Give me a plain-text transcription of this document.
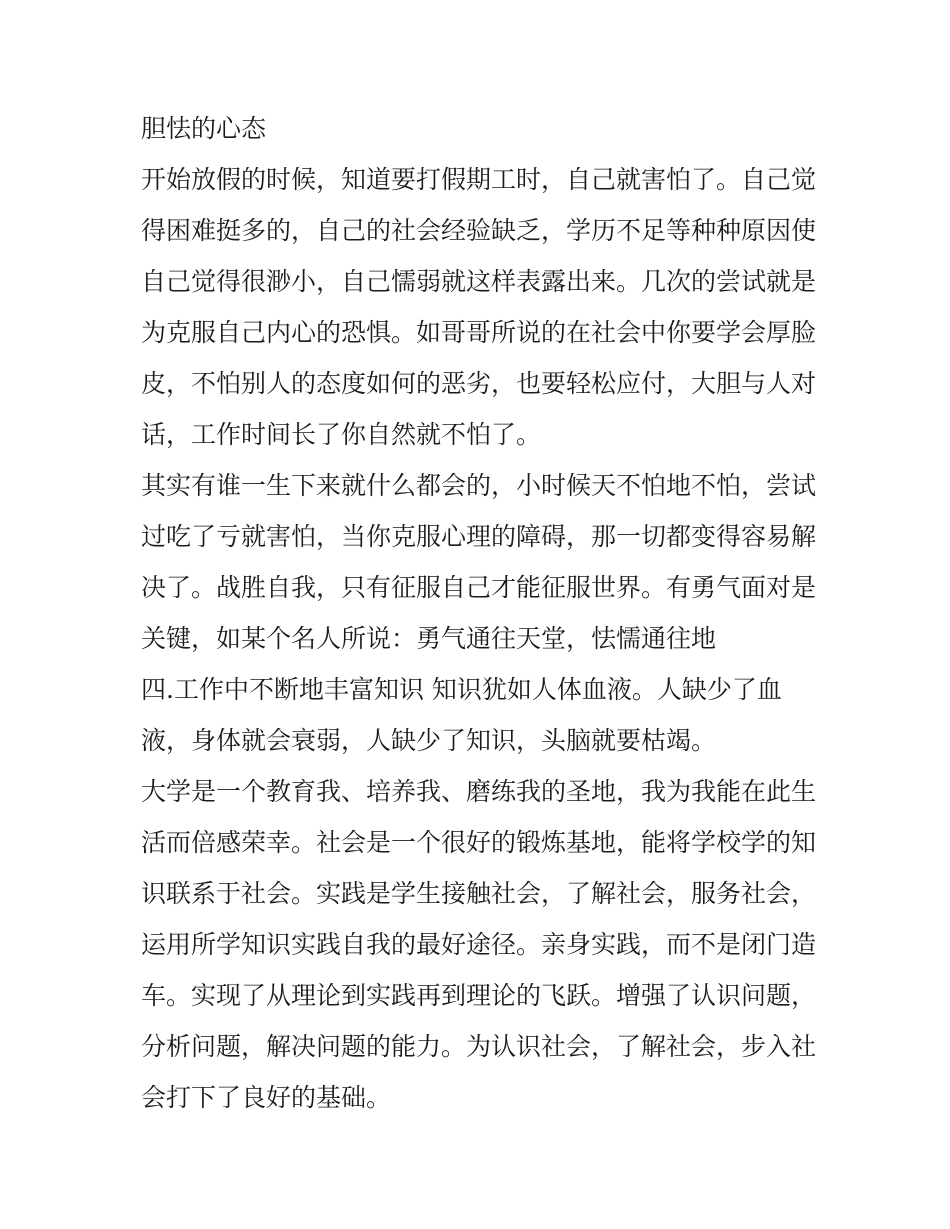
胆怯的心态
开始放假的时候，知道要打假期工时，自己就害怕了。自己觉
得困难挺多的，自己的社会经验缺乏，学历不足等种种原因使
自己觉得很渺小，自己懦弱就这样表露出来。几次的尝试就是
为克服自己内心的恐惧。如哥哥所说的在社会中你要学会厚脸
皮，不怕别人的态度如何的恶劣，也要轻松应付，大胆与人对
话，工作时间长了你自然就不怕了。
其实有谁一生下来就什么都会的，小时候天不怕地不怕，尝试
过吃了亏就害怕，当你克服心理的障碍，那一切都变得容易解
决了。战胜自我，只有征服自己才能征服世界。有勇气面对是
关键，如某个名人所说：勇气通往天堂，怯懦通往地
四.工作中不断地丰富知识 知识犹如人体血液。人缺少了血
液，身体就会衰弱，人缺少了知识，头脑就要枯竭。
大学是一个教育我、培养我、磨练我的圣地，我为我能在此生
活而倍感荣幸。社会是一个很好的锻炼基地，能将学校学的知
识联系于社会。实践是学生接触社会，了解社会，服务社会，
运用所学知识实践自我的最好途径。亲身实践，而不是闭门造
车。实现了从理论到实践再到理论的飞跃。增强了认识问题，
分析问题，解决问题的能力。为认识社会，了解社会，步入社
会打下了良好的基础。
